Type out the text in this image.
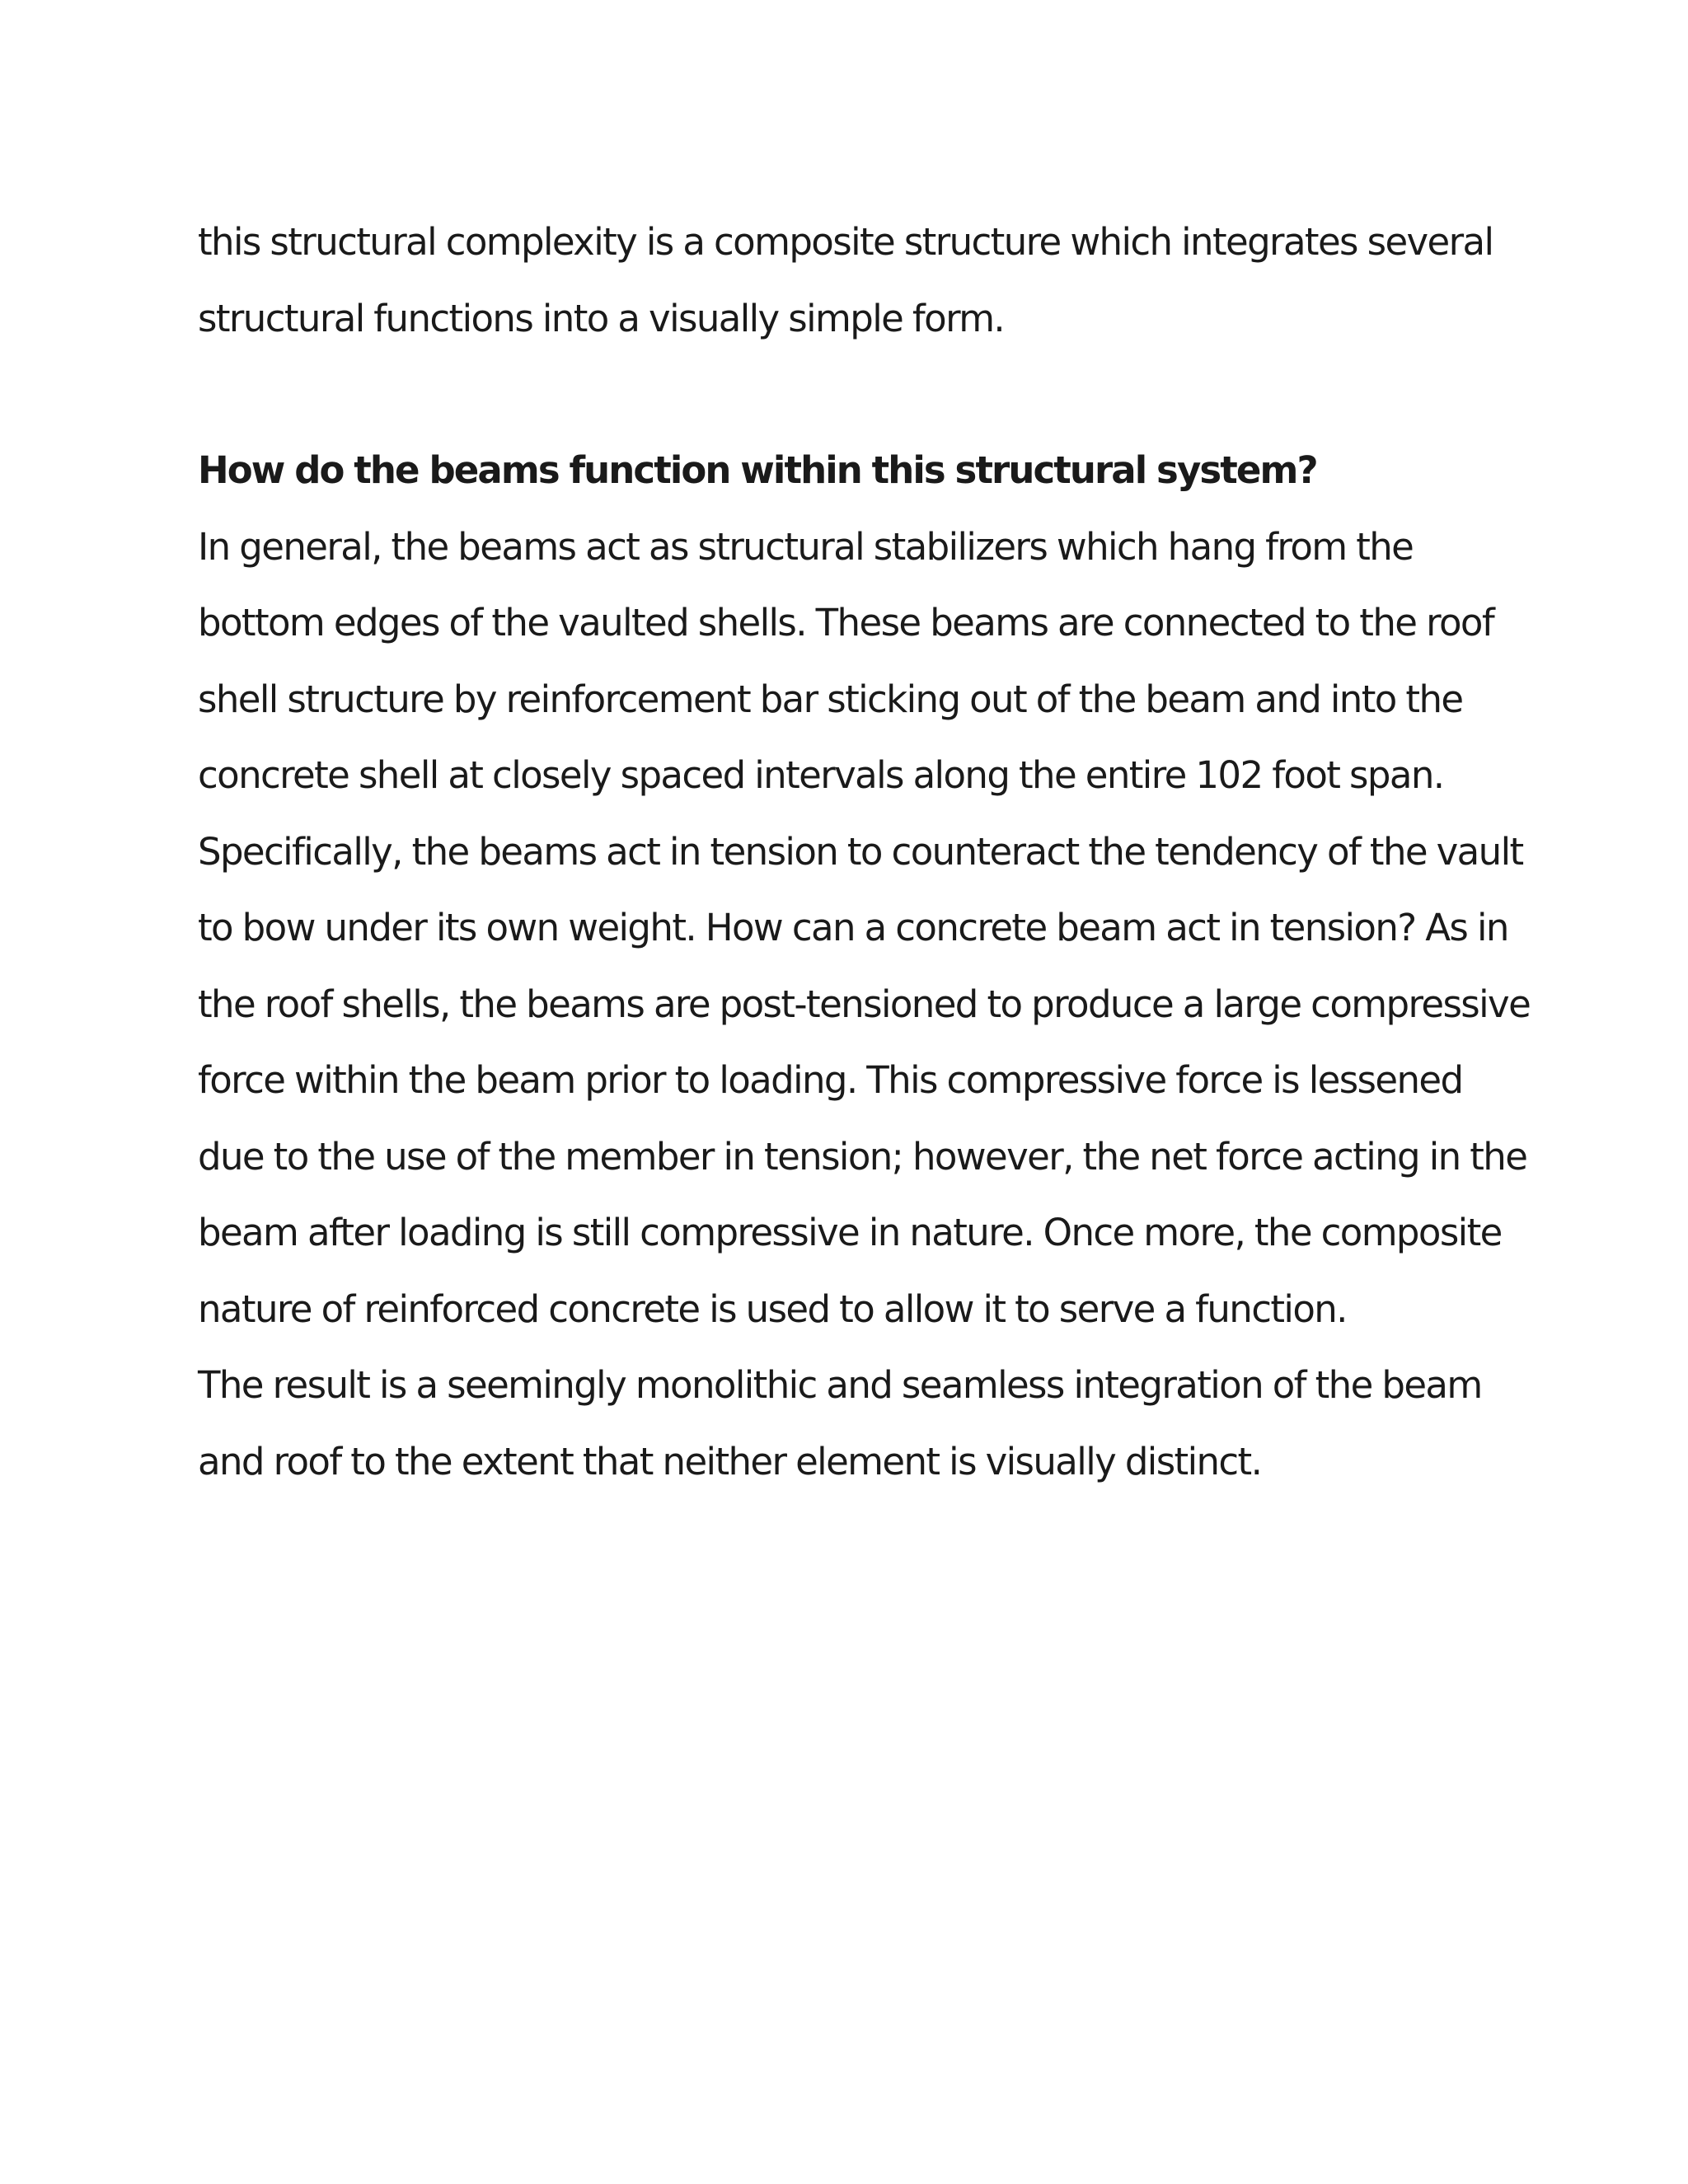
this structural complexity is a composite structure which integrates several structural functions into a visually simple form.

How do the beams function within this structural system?

In general, the beams act as structural stabilizers which hang from the bottom edges of the vaulted shells. These beams are connected to the roof shell structure by reinforcement bar sticking out of the beam and into the concrete shell at closely spaced intervals along the entire 102 foot span. Specifically, the beams act in tension to counteract the tendency of the vault to bow under its own weight. How can a concrete beam act in tension? As in the roof shells, the beams are post-tensioned to produce a large compressive force within the beam prior to loading. This compressive force is lessened due to the use of the member in tension; however, the net force acting in the beam after loading is still compressive in nature. Once more, the composite nature of reinforced concrete is used to allow it to serve a function.

The result is a seemingly monolithic and seamless integration of the beam and roof to the extent that neither element is visually distinct.
